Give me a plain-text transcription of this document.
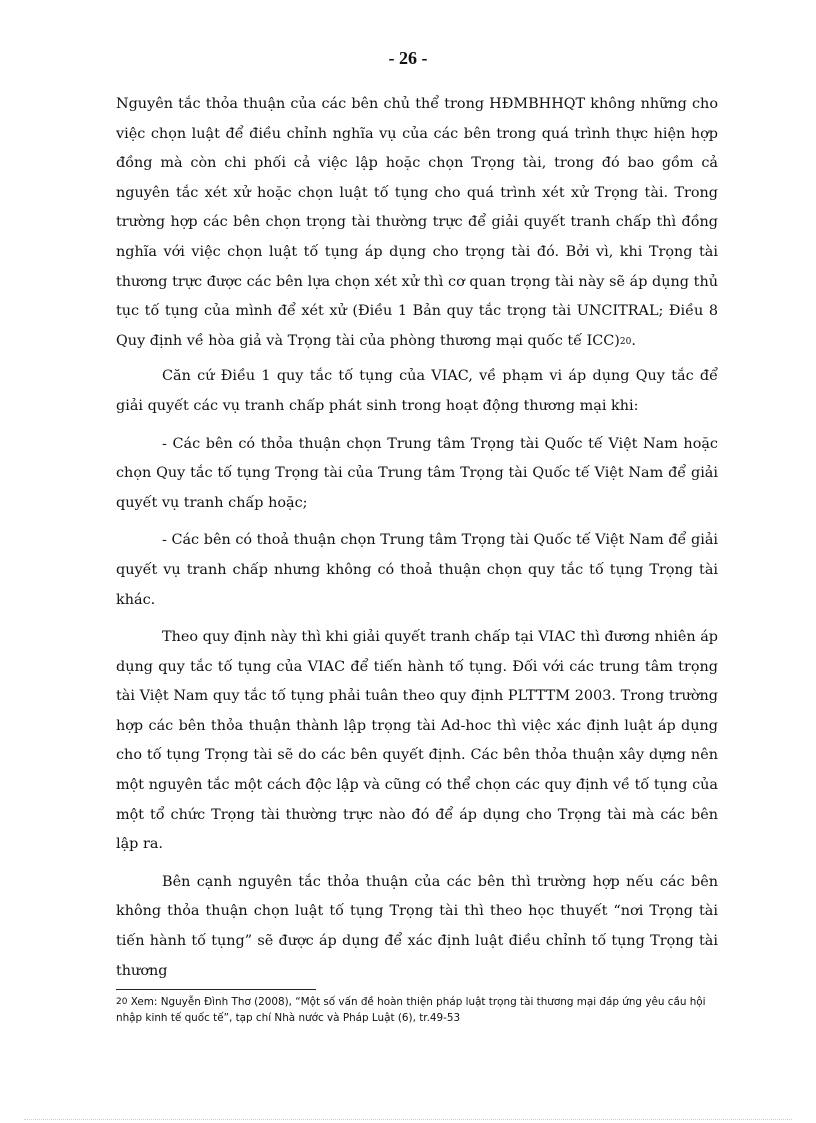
- 26 -

Nguyên tắc thỏa thuận của các bên chủ thể trong HĐMBHHQT không những cho việc chọn luật để điều chỉnh nghĩa vụ của các bên trong quá trình thực hiện hợp đồng mà còn chi phối cả việc lập hoặc chọn Trọng tài, trong đó bao gồm cả nguyên tắc xét xử hoặc chọn luật tố tụng cho quá trình xét xử Trọng tài. Trong trường hợp các bên chọn trọng tài thường trực để giải quyết tranh chấp thì đồng nghĩa với việc chọn luật tố tụng áp dụng cho trọng tài đó. Bởi vì, khi Trọng tài thương trực được các bên lựa chọn xét xử thì cơ quan trọng tài này sẽ áp dụng thủ tục tố tụng của mình để xét xử (Điều 1 Bản quy tắc trọng tài UNCITRAL; Điều 8 Quy định về hòa giả và Trọng tài của phòng thương mại quốc tế ICC)$^{20}$.

Căn cứ Điều 1 quy tắc tố tụng của VIAC, về phạm vi áp dụng Quy tắc để giải quyết các vụ tranh chấp phát sinh trong hoạt động thương mại khi:

- Các bên có thỏa thuận chọn Trung tâm Trọng tài Quốc tế Việt Nam hoặc chọn Quy tắc tố tụng Trọng tài của Trung tâm Trọng tài Quốc tế Việt Nam để giải quyết vụ tranh chấp hoặc;

- Các bên có thoả thuận chọn Trung tâm Trọng tài Quốc tế Việt Nam để giải quyết vụ tranh chấp nhưng không có thoả thuận chọn quy tắc tố tụng Trọng tài khác.

Theo quy định này thì khi giải quyết tranh chấp tại VIAC thì đương nhiên áp dụng quy tắc tố tụng của VIAC để tiến hành tố tụng. Đối với các trung tâm trọng tài Việt Nam quy tắc tố tụng phải tuân theo quy định PLTTTM 2003. Trong trường hợp các bên thỏa thuận thành lập trọng tài Ad-hoc thì việc xác định luật áp dụng cho tố tụng Trọng tài sẽ do các bên quyết định. Các bên thỏa thuận xây dựng nên một nguyên tắc một cách độc lập và cũng có thể chọn các quy định về tố tụng của một tổ chức Trọng tài thường trực nào đó để áp dụng cho Trọng tài mà các bên lập ra.

Bên cạnh nguyên tắc thỏa thuận của các bên thì trường hợp nếu các bên không thỏa thuận chọn luật tố tụng Trọng tài thì theo học thuyết “nơi Trọng tài tiến hành tố tụng” sẽ được áp dụng để xác định luật điều chỉnh tố tụng Trọng tài thương

$^{20}$ Xem: Nguyễn Đình Thơ (2008), “Một số vấn đề hoàn thiện pháp luật trọng tài thương mại đáp ứng yêu cầu hội nhập kinh tế quốc tế”, tạp chí Nhà nước và Pháp Luật (6), tr.49-53
